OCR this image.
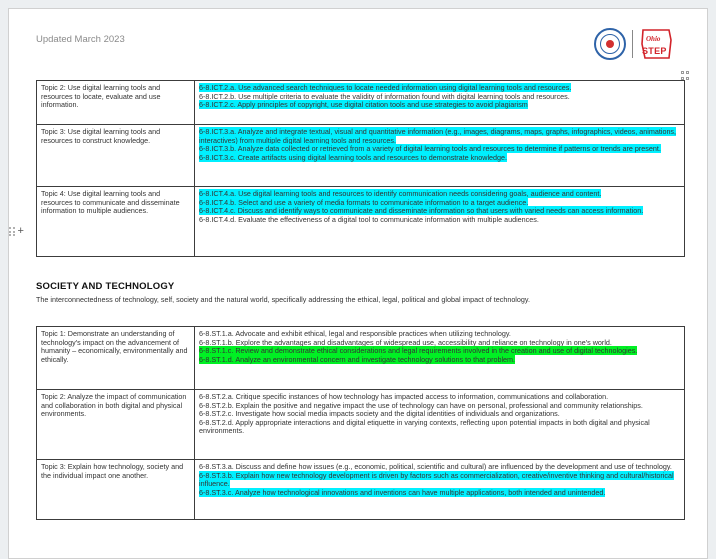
Updated March 2023	Ohio
STEP
Topic 2: Use digital learning tools and resources to locate, evaluate and use information.	6-8.ICT.2.a. Use advanced search techniques to locate needed information using digital learning tools and resources.
6-8.ICT.2.b. Use multiple criteria to evaluate the validity of information found with digital learning tools and resources.
6-8.ICT.2.c. Apply principles of copyright, use digital citation tools and use strategies to avoid plagiarism

Topic 3: Use digital learning tools and resources to construct knowledge.	6-8.ICT.3.a. Analyze and integrate textual, visual and quantitative information (e.g., images, diagrams, maps, graphs, infographics, videos, animations, interactives) from multiple digital learning tools and resources.
6-8.ICT.3.b. Analyze data collected or retrieved from a variety of digital learning tools and resources to determine if patterns or trends are present.
6-8.ICT.3.c. Create artifacts using digital learning tools and resources to demonstrate knowledge.

Topic 4: Use digital learning tools and resources to communicate and disseminate information to multiple audiences.	6-8.ICT.4.a. Use digital learning tools and resources to identify communication needs considering goals, audience and content.
6-8.ICT.4.b. Select and use a variety of media formats to communicate information to a target audience.
6-8.ICT.4.c. Discuss and identify ways to communicate and disseminate information so that users with varied needs can access information.
6-8.ICT.4.d. Evaluate the effectiveness of a digital tool to communicate information with multiple audiences.
+
SOCIETY AND TECHNOLOGY
The interconnectedness of technology, self, society and the natural world, specifically addressing the ethical, legal, political and global impact of technology.
Topic 1: Demonstrate an understanding of technology's impact on the advancement of humanity – economically, environmentally and ethically.	6-8.ST.1.a. Advocate and exhibit ethical, legal and responsible practices when utilizing technology.
6-8.ST.1.b. Explore the advantages and disadvantages of widespread use, accessibility and reliance on technology in one's world.
6-8.ST.1.c. Review and demonstrate ethical considerations and legal requirements involved in the creation and use of digital technologies.
6-8.ST.1.d. Analyze an environmental concern and investigate technology solutions to that problem.

Topic 2: Analyze the impact of communication and collaboration in both digital and physical environments.	6-8.ST.2.a. Critique specific instances of how technology has impacted access to information, communications and collaboration.
6-8.ST.2.b. Explain the positive and negative impact the use of technology can have on personal, professional and community relationships.
6-8.ST.2.c. Investigate how social media impacts society and the digital identities of individuals and organizations.
6-8.ST.2.d. Apply appropriate interactions and digital etiquette in varying contexts, reflecting upon potential impacts in both digital and physical environments.

Topic 3: Explain how technology, society and the individual impact one another.	6-8.ST.3.a. Discuss and define how issues (e.g., economic, political, scientific and cultural) are influenced by the development and use of technology.
6-8.ST.3.b. Explain how new technology development is driven by factors such as commercialization, creative/inventive thinking and cultural/historical influence.
6-8.ST.3.c. Analyze how technological innovations and inventions can have multiple applications, both intended and unintended.
